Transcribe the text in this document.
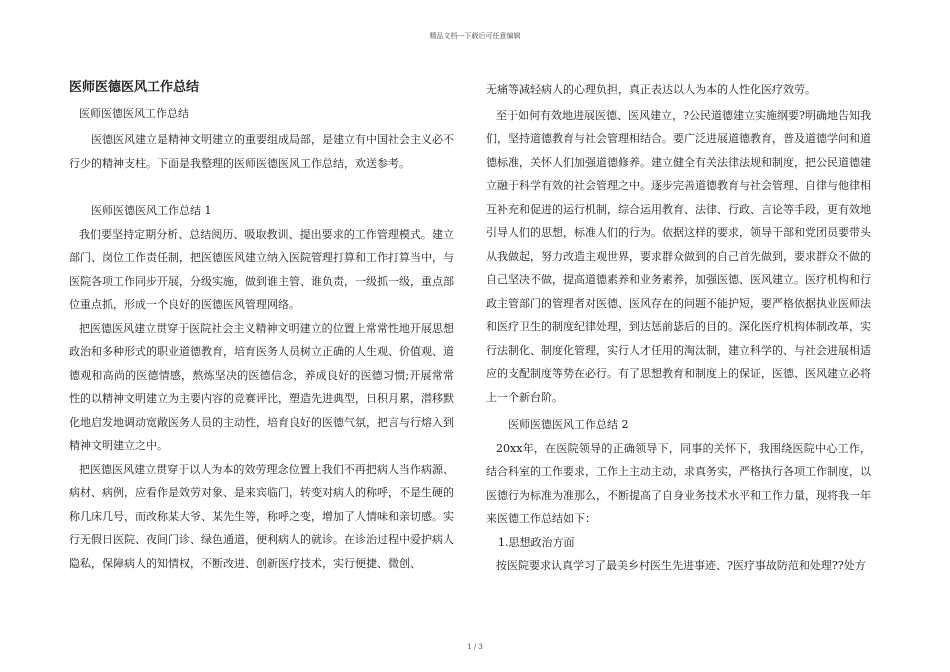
精品文档---下载后可任意编辑
医师医德医风工作总结
医师医德医风工作总结

医德医风建立是精神文明建立的重要组成局部，是建立有中国社会主义必不行少的精神支柱。下面是我整理的医师医德医风工作总结，欢送参考。

医师医德医风工作总结 1

我们要坚持定期分析、总结阅历、吸取教训、提出要求的工作管理模式。建立部门、岗位工作责任制，把医德医风建立纳入医院管理打算和工作打算当中，与医院各项工作同步开展，分级实施，做到谁主管、谁负责，一级抓一级，重点部位重点抓，形成一个良好的医德医风管理网络。

把医德医风建立贯穿于医院社会主义精神文明建立的位置上常常性地开展思想政治和多种形式的职业道德教育，培育医务人员树立正确的人生观、价值观、道德观和高尚的医德情感，熬炼坚决的医德信念，养成良好的医德习惯;开展常常性的以精神文明建立为主要内容的竞赛评比，塑造先进典型，日积月累，潜移默化地启发地调动宽敞医务人员的主动性，培育良好的医德气氛，把言与行熔入到精神文明建立之中。

把医德医风建立贯穿于以人为本的效劳理念位置上我们不再把病人当作病源、病材、病例，应看作是效劳对象、是来宾临门，转变对病人的称呼，不是生硬的称几床几号，而改称某大爷、某先生等，称呼之变，增加了人情味和亲切感。实行无假日医院、夜间门诊、绿色通道，便利病人的就诊。在诊治过程中爱护病人隐私，保障病人的知情权，不断改进、创新医疗技术，实行便捷、微创、

无痛等减轻病人的心理负担，真正表达以人为本的人性化医疗效劳。

至于如何有效地进展医德、医风建立，?公民道德建立实施纲要?明确地告知我们，坚持道德教育与社会管理相结合。要广泛进展道德教育，普及道德学问和道德标准，关怀人们加强道德修养。建立健全有关法律法规和制度，把公民道德建立融于科学有效的社会管理之中。逐步完善道德教育与社会管理、自律与他律相互补充和促进的运行机制，综合运用教育、法律、行政、言论等手段，更有效地引导人们的思想，标准人们的行为。依据这样的要求，领导干部和党团员要带头从我做起，努力改造主观世界，要求群众做到的自己首先做到，要求群众不做的自己坚决不做，提高道德素养和业务素养，加强医德、医风建立。医疗机构和行政主管部门的管理者对医德、医风存在的问题不能护短，要严格依据执业医师法和医疗卫生的制度纪律处理，到达惩前毖后的目的。深化医疗机构体制改革，实行法制化、制度化管理，实行人才任用的淘汰制，建立科学的、与社会进展相适应的支配制度等势在必行。有了思想教育和制度上的保证，医德、医风建立必将上一个新台阶。

医师医德医风工作总结 2

20xx年，在医院领导的正确领导下，同事的关怀下，我围绕医院中心工作，结合科室的工作要求，工作上主动主动，求真务实，严格执行各项工作制度，以医德行为标准为准那么，不断提高了自身业务技术水平和工作力量，现将我一年来医德工作总结如下：

1.思想政治方面

按医院要求认真学习了最美乡村医生先进事迹、?医疗事故防范和处理??处方

1 / 3
